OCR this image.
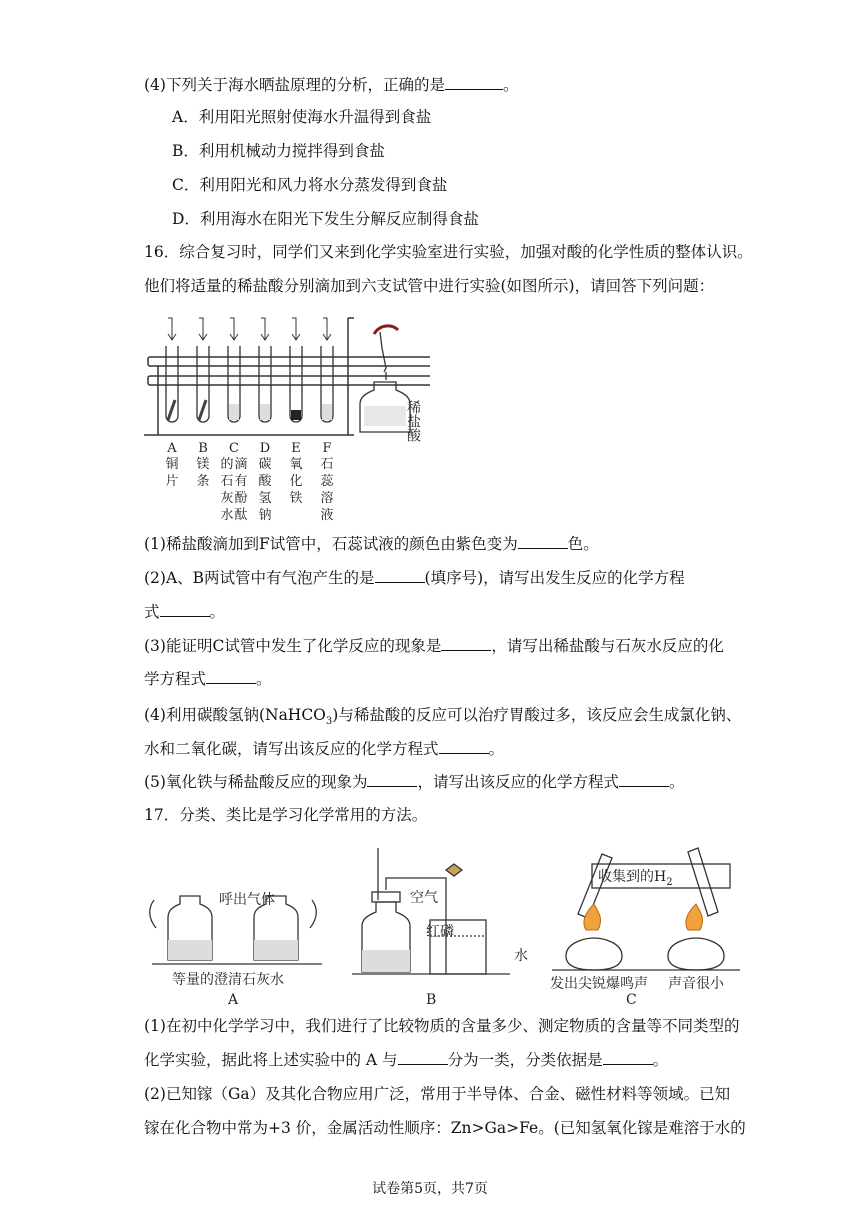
(4)下列关于海水晒盐原理的分析，正确的是	。
A．利用阳光照射使海水升温得到食盐
B．利用机械动力搅拌得到食盐
C．利用阳光和风力将水分蒸发得到食盐
D．利用海水在阳光下发生分解反应制得食盐
16．综合复习时，同学们又来到化学实验室进行实验，加强对酸的化学性质的整体认识。
他们将适量的稀盐酸分别滴加到六支试管中进行实验(如图所示)，请回答下列问题：
A
铜片
B
镁条
C
滴有酚酞的石灰水
D
碳酸氢钠
E
氧化铁
F
石蕊溶液
稀盐酸
(1)稀盐酸滴加到F试管中，石蕊试液的颜色由紫色变为	色。
(2)A、B两试管中有气泡产生的是	(填序号)，请写出发生反应的化学方程
式	。
(3)能证明C试管中发生了化学反应的现象是	，请写出稀盐酸与石灰水反应的化
学方程式	。
(4)利用碳酸氢钠(NaHCO$_3$)与稀盐酸的反应可以治疗胃酸过多，该反应会生成氯化钠、
水和二氧化碳，请写出该反应的化学方程式	。
(5)氧化铁与稀盐酸反应的现象为	，请写出该反应的化学方程式	。
17．分类、类比是学习化学常用的方法。
呼出气体
等量的澄清石灰水
A
空气
红磷
水
B
收集到的$H_2$
发出尖锐爆鸣声 声音很小
C
(1)在初中化学学习中，我们进行了比较物质的含量多少、测定物质的含量等不同类型的
化学实验，据此将上述实验中的 A 与	分为一类，分类依据是	。
(2)已知镓（Ga）及其化合物应用广泛，常用于半导体、合金、磁性材料等领域。已知
镓在化合物中常为+3 价，金属活动性顺序：Zn>Ga>Fe。(已知氢氧化镓是难溶于水的
试卷第5页，共7页
